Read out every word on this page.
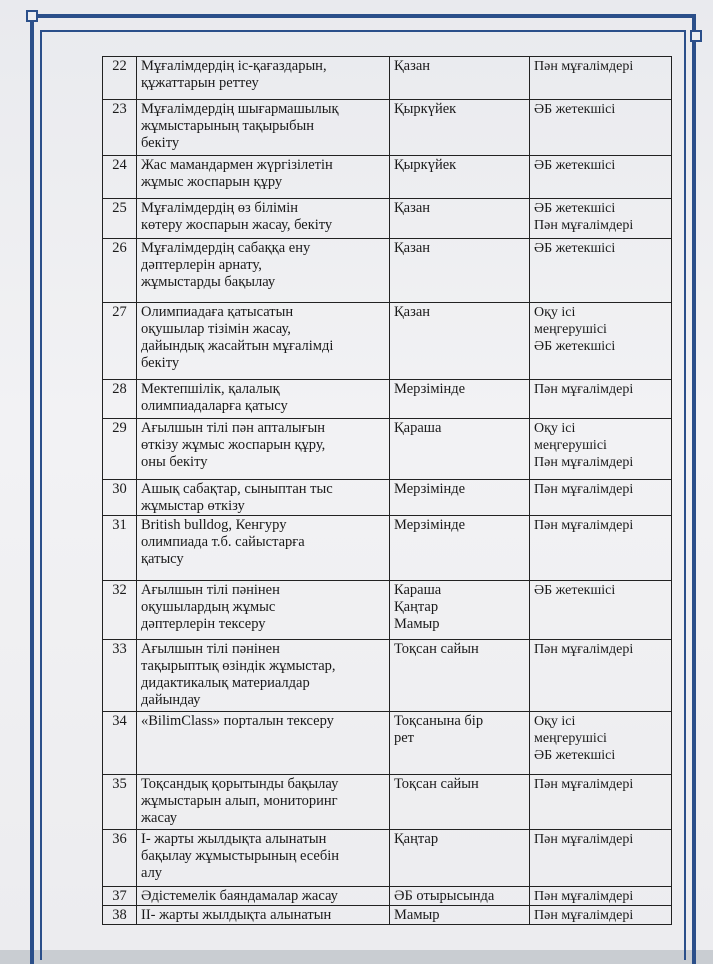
22	Мұғалімдердің іс-қағаздарын,
құжаттарын реттеу	Қазан	Пән мұғалімдері

23	Мұғалімдердің шығармашылық
жұмыстарының тақырыбын
бекіту	Қыркүйек	ӘБ жетекшісі

24	Жас мамандармен жүргізілетін
жұмыс жоспарын құру	Қыркүйек	ӘБ жетекшісі

25	Мұғалімдердің өз білімін
көтеру жоспарын жасау, бекіту	Қазан	ӘБ жетекшісі
Пән мұғалімдері

26	Мұғалімдердің сабаққа ену
дәптерлерін арнату,
жұмыстарды бақылау	Қазан	ӘБ жетекшісі

27	Олимпиадаға қатысатын
оқушылар тізімін жасау,
дайындық жасайтын мұғалімді
бекіту	Қазан	Оқу ісі
меңгерушісі
ӘБ жетекшісі

28	Мектепшілік, қалалық
олимпиадаларға қатысу	Мерзімінде	Пән мұғалімдері

29	Ағылшын тілі пән апталығын
өткізу жұмыс жоспарын құру,
оны бекіту	Қараша	Оқу ісі
меңгерушісі
Пән мұғалімдері

30	Ашық сабақтар, сыныптан тыс
жұмыстар өткізу	Мерзімінде	Пән мұғалімдері

31	British bulldog, Кенгуру
олимпиада т.б. сайыстарға
қатысу	Мерзімінде	Пән мұғалімдері

32	Ағылшын тілі пәнінен
оқушылардың жұмыс
дәптерлерін тексеру	Караша
Қаңтар
Мамыр	ӘБ жетекшісі

33	Ағылшын тілі пәнінен
тақырыптық өзіндік жұмыстар,
дидактикалық материалдар
дайындау	Тоқсан сайын	Пән мұғалімдері

34	«BilimClass» порталын тексеру	Тоқсанына бір
рет	Оқу ісі
меңгерушісі
ӘБ жетекшісі

35	Тоқсандық қорытынды бақылау
жұмыстарын алып, мониторинг
жасау	Тоқсан сайын	Пән мұғалімдері

36	І- жарты жылдықта алынатын
бақылау жұмыстырының есебін
алу	Қаңтар	Пән мұғалімдері

37	Әдістемелік баяндамалар жасау	ӘБ отырысында	Пән мұғалімдері

38	ІІ- жарты жылдықта алынатын	Мамыр	Пән мұғалімдері
